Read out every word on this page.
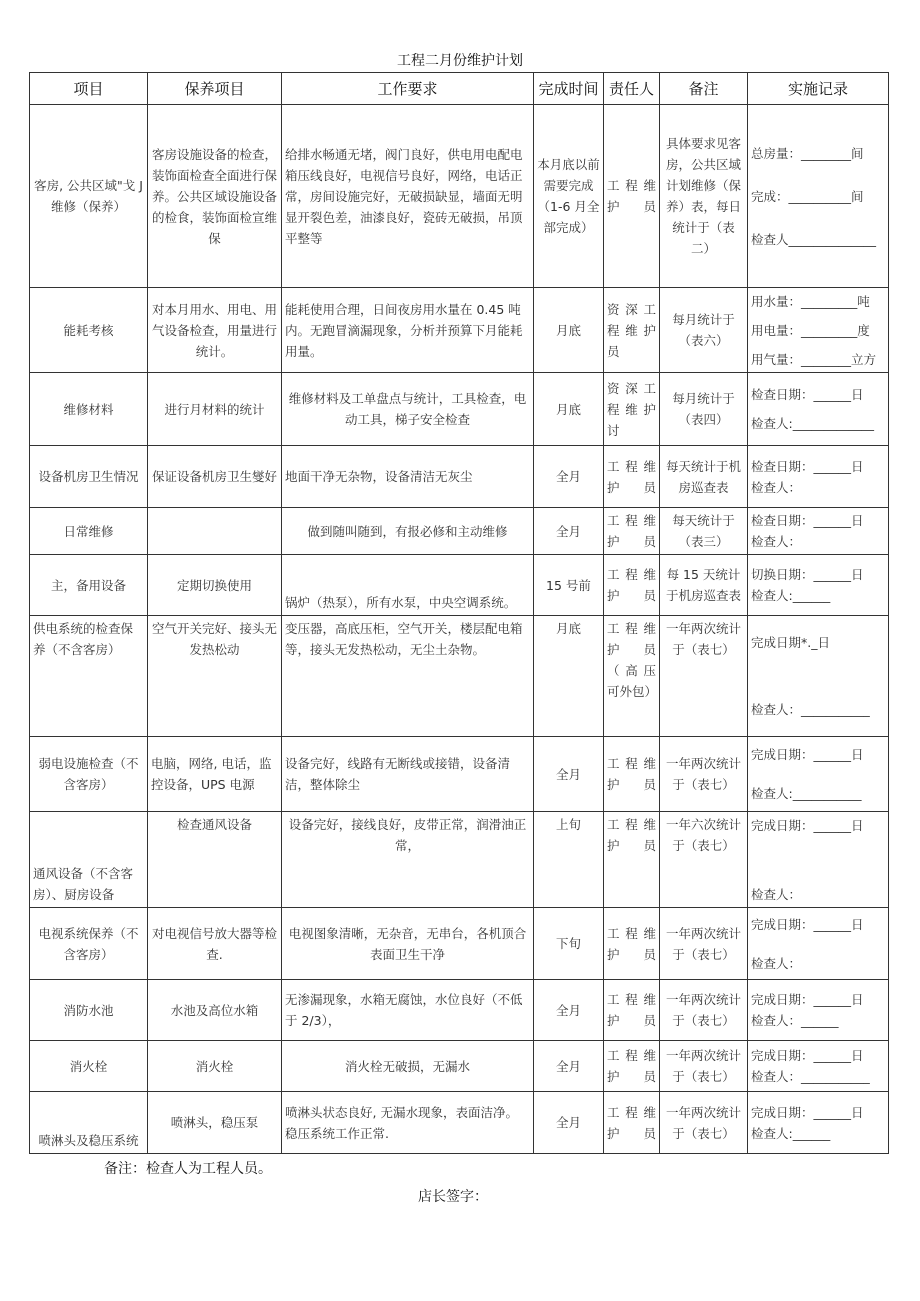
工程二月份维护计划
项目	保养项目	工作要求	完成时间	责任人	备注	实施记录
客房, 公共区域"戈 J 维修（保养）	客房设施设备的检查，装饰面检查全面进行保养。公共区域设施设备的检食，装饰面检宣维保	给排水畅通无堵，阀门良好，供电用电配电箱压线良好，电视信号良好，网络，电话正常，房间设施完好，无破损缺显，墙面无明显开裂色差，油漆良好，瓷砖无破损，吊顶平整等	本月底以前需要完成（1-6 月全部完成）	工程维护员	具体要求见客房，公共区域计划维修（保养）表，每日统计于（表二）	总房量：________间
完成：__________间
检查人______________

能耗考核	对本月用水、用电、用气设备检查，用量进行统计。	能耗使用合理，日间夜房用水量在 0.45 吨内。无跑冒滴漏现象，分析并预算下月能耗用量。	月底	资深工程维护员	每月统计于（表六）	用水量：_________吨
用电量：_________度
用气量：________立方

维修材料	进行月材料的统计	维修材料及工单盘点与统计，工具检查，电动工具，梯子安全检查	月底	资深工程维护讨	每月统计于（表四）	检查日期：______日
检查人:_____________

设备机房卫生情况	保证设备机房卫生燮好	地面干净无杂物，设备清洁无灰尘	全月	工程维护员	每天统计于机房巡查表	检查日期：______日
检查人：

日常维修		做到随叫随到，有报必修和主动维修	全月	工程维护员	每天统计于（表三）	检查日期：______日
检查人：

主，备用设备	定期切换使用	锅炉（热泵），所有水泵，中央空调系统。	15 号前	工程维护员	每 15 天统计于机房巡查表	切换日期：______日
检查人:______

供电系统的检查保养（不含客房）	空气开关完好、接头无发热松动	变压器，高底压柜，空气开关，楼层配电箱等，接头无发热松动，无尘土杂物。	月底	工程维护员（高压可外包）	一年两次统计于（表七）	完成日期*._日
检查人：___________

弱电设施检查（不含客房）	电脑，网络, 电话，监控设备，UPS 电源	设备完好，线路有无断线或接错，设备清洁，整体除尘	全月	工程维护员	一年两次统计于（表七）	完成日期：______日
检查人:___________

通风设备（不含客房）、厨房设备	检查通风设备	设备完好，接线良好，皮带正常，润滑油正常，	上旬	工程维护员	一年六次统计于（表七）	完成日期：______日
检查人：

电视系统保养（不含客房）	对电视信号放大器等检查.	电视图象清晰，无杂音，无串台，各机顶合表面卫生干净	下旬	工程维护员	一年两次统计于（表七）	完成日期：______日
检查人：

消防水池	水池及高位水箱	无渗漏现象，水箱无腐蚀，水位良好（不低于 2/3），	全月	工程维护员	一年两次统计于（表七）	完成日期：______日
检查人：______

消火栓	消火栓	消火栓无破损，无漏水	全月	工程维护员	一年两次统计于（表七）	完成日期：______日
检查人：___________

喷淋头及稳压系统	喷淋头，稳压泵	喷淋头状态良好, 无漏水现象，表面洁净。稳压系统工作正常.	全月	工程维护员	一年两次统计于（表七）	完成日期：______日
检查人:______
备注：检查人为工程人员。
店长签字：
